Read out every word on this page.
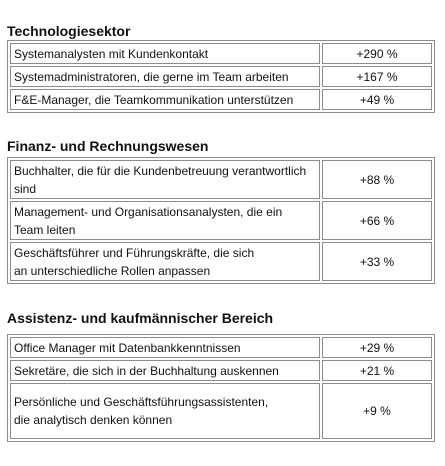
Technologiesektor
Systemanalysten mit Kundenkontakt	+290 %
Systemadministratoren, die gerne im Team arbeiten	+167 %
F&E-Manager, die Teamkommunikation unterstützen	+49 %
Finanz- und Rechnungswesen
Buchhalter, die für die Kundenbetreuung verantwortlich
sind	+88 %
Management- und Organisationsanalysten, die ein
Team leiten	+66 %
Geschäftsführer und Führungskräfte, die sich
an unterschiedliche Rollen anpassen	+33 %
Assistenz- und kaufmännischer Bereich
Office Manager mit Datenbankkenntnissen	+29 %
Sekretäre, die sich in der Buchhaltung auskennen	+21 %
Persönliche und Geschäftsführungsassistenten,
die analytisch denken können	+9 %
